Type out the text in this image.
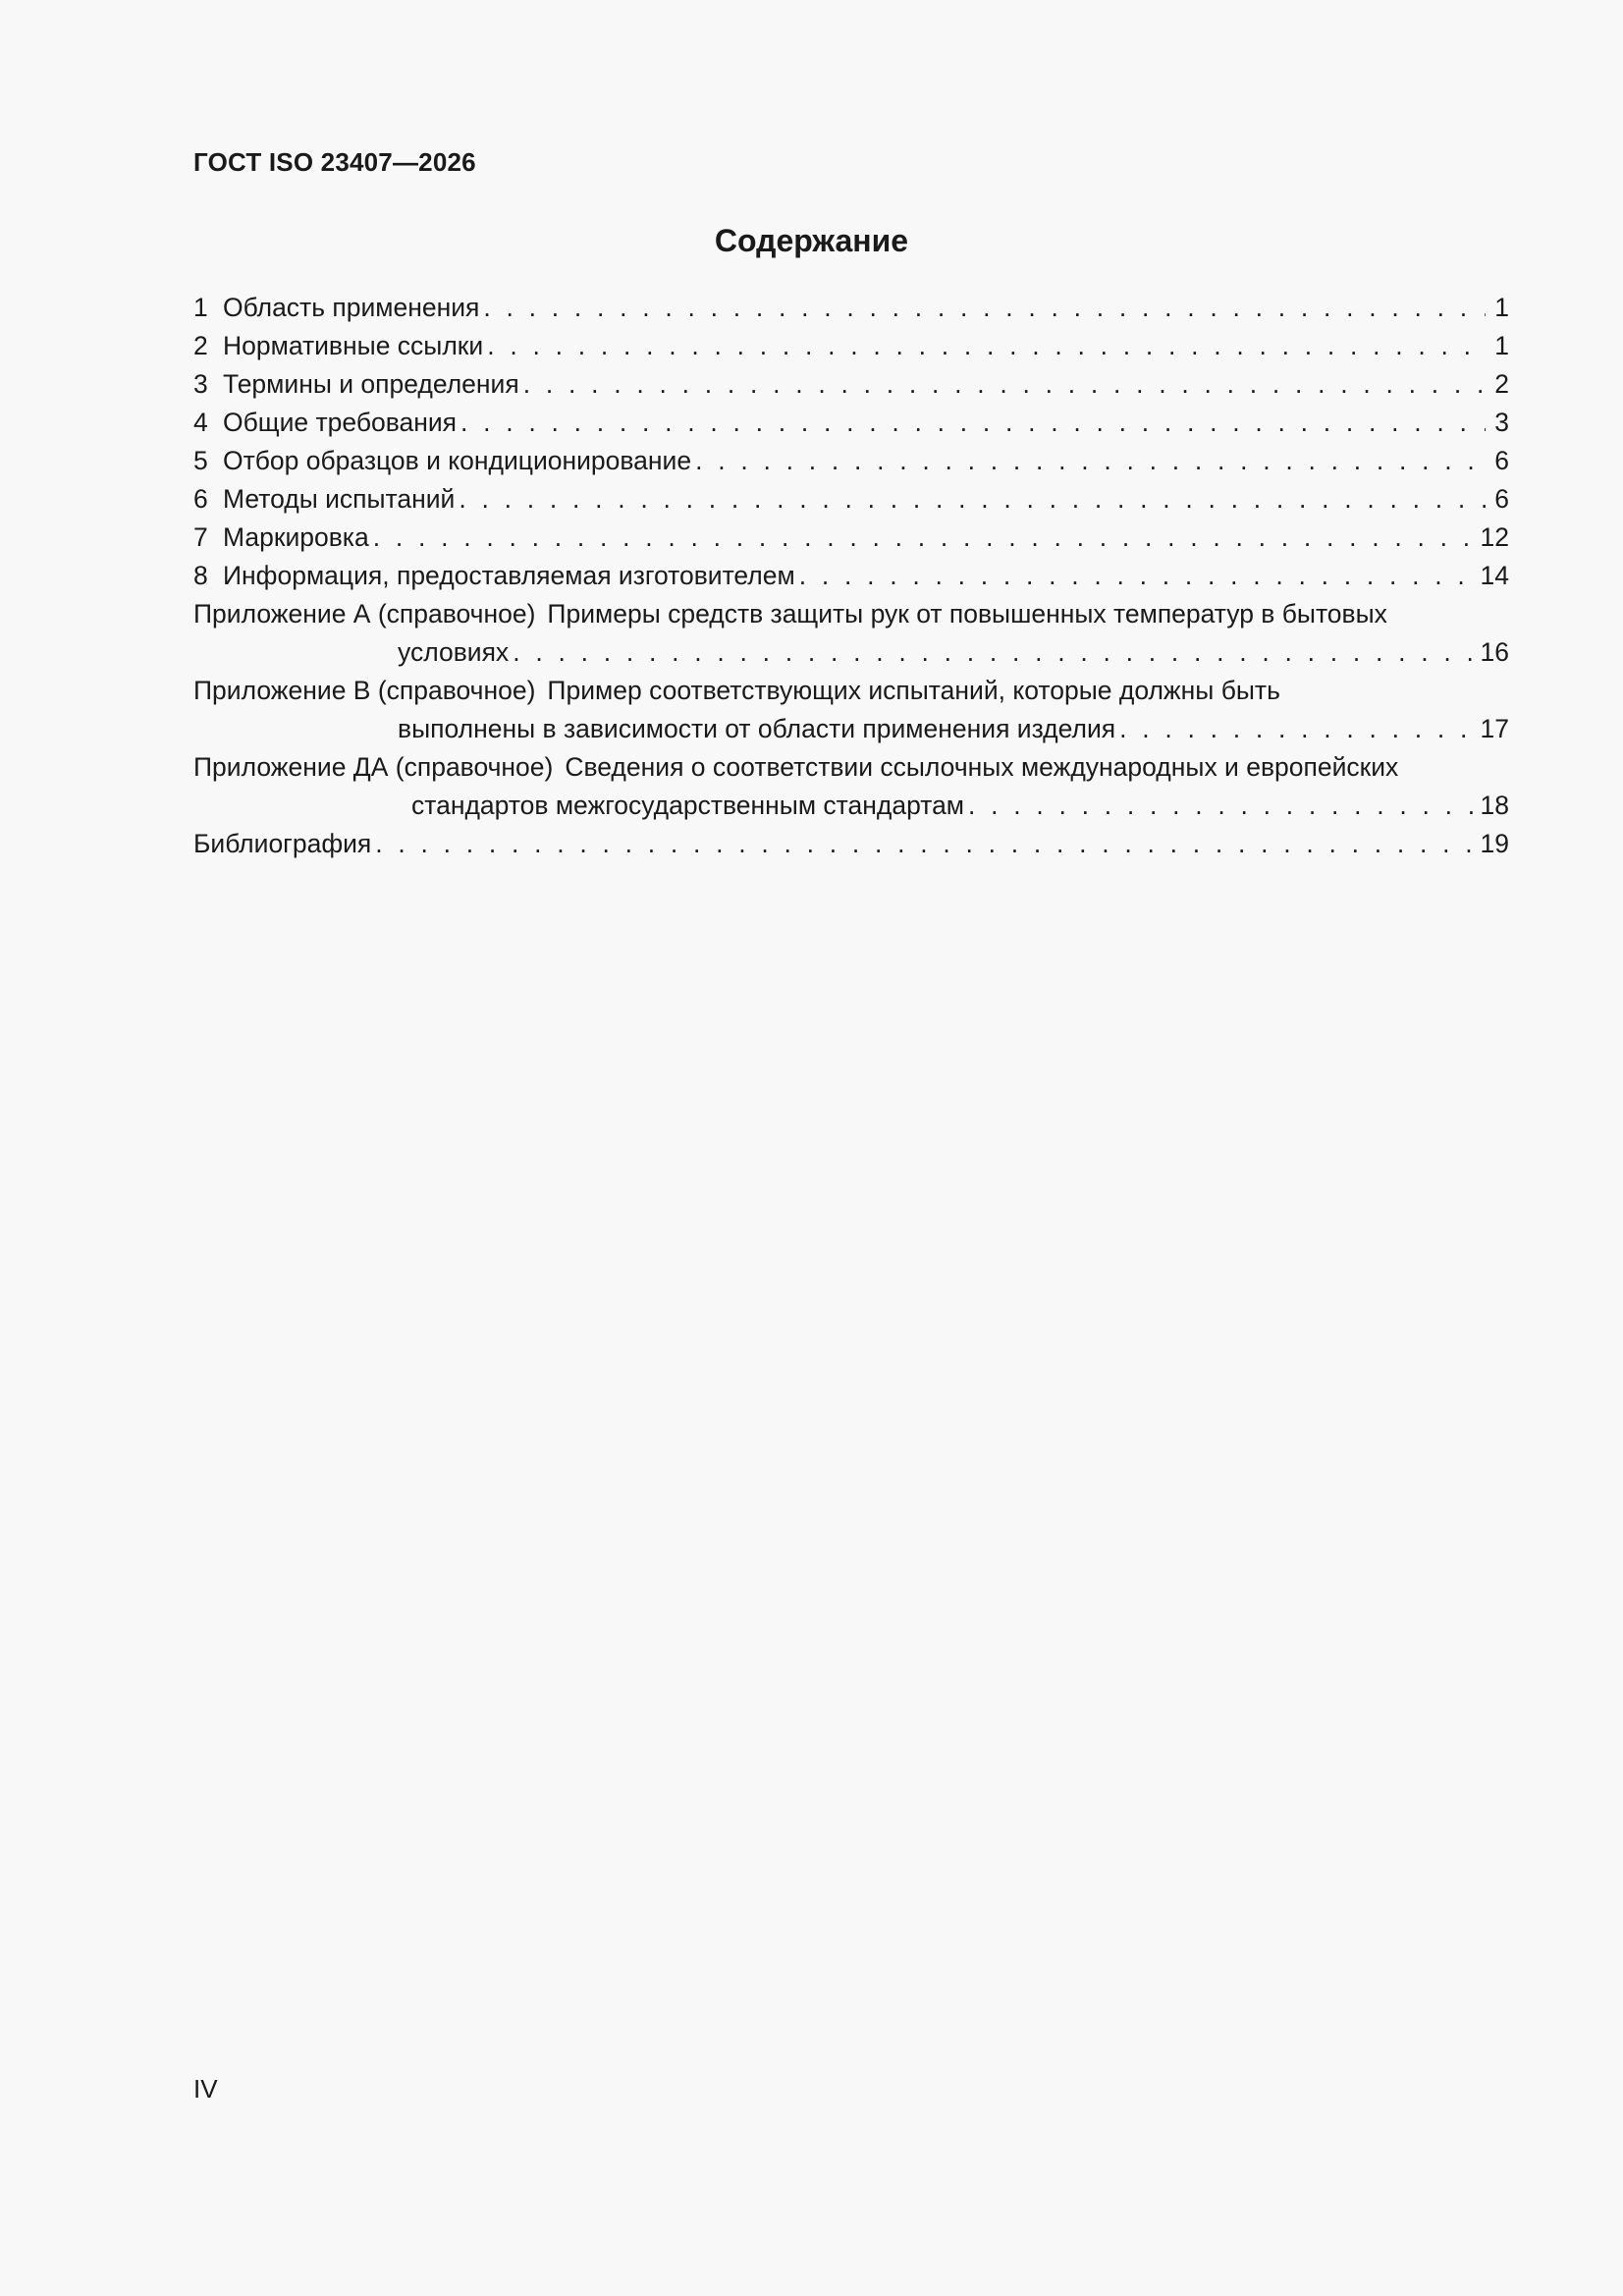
ГОСТ ISO 23407—2026
Содержание
1 Область применения . . .	1
2 Нормативные ссылки . . .	1
3 Термины и определения . . .	2
4 Общие требования . . .	3
5 Отбор образцов и кондиционирование . . .	6
6 Методы испытаний . . .	6
7 Маркировка . . .	12
8 Информация, предоставляемая изготовителем . . .	14
Приложение А (справочное) Примеры средств защиты рук от повышенных температур в бытовых
условиях . . .	16
Приложение В (справочное) Пример соответствующих испытаний, которые должны быть
выполнены в зависимости от области применения изделия . . .	17
Приложение ДА (справочное) Сведения о соответствии ссылочных международных и европейских
стандартов межгосударственным стандартам . . .	18
Библиография . . .	19
IV
